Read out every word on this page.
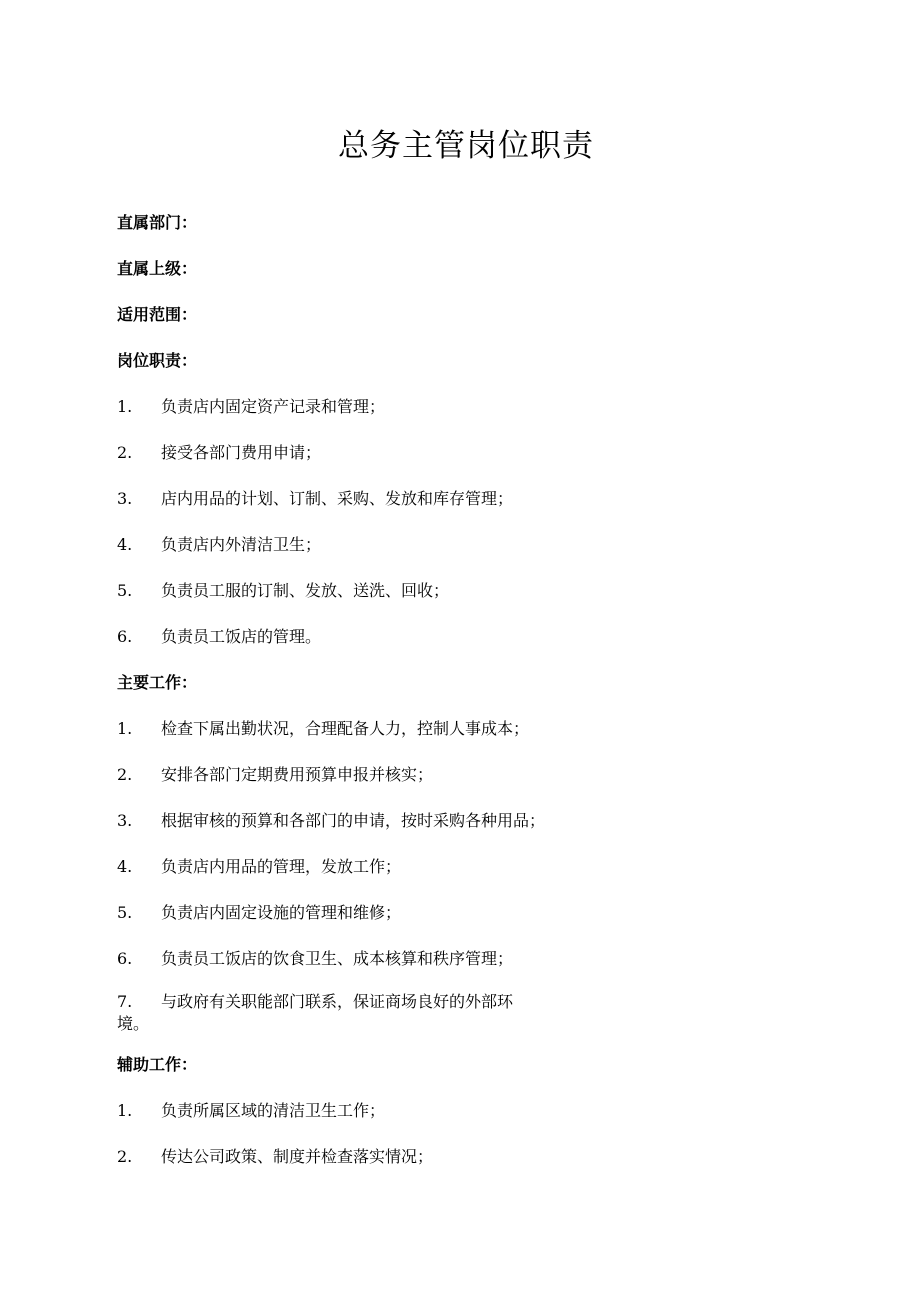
总务主管岗位职责

直属部门：

直属上级：

适用范围：

岗位职责：

1. 负责店内固定资产记录和管理；

2. 接受各部门费用申请；

3. 店内用品的计划、订制、采购、发放和库存管理；

4. 负责店内外清洁卫生；

5. 负责员工服的订制、发放、送洗、回收；

6. 负责员工饭店的管理。

主要工作：

1. 检查下属出勤状况，合理配备人力，控制人事成本；

2. 安排各部门定期费用预算申报并核实；

3. 根据审核的预算和各部门的申请，按时采购各种用品；

4. 负责店内用品的管理，发放工作；

5. 负责店内固定设施的管理和维修；

6. 负责员工饭店的饮食卫生、成本核算和秩序管理；

7. 与政府有关职能部门联系，保证商场良好的外部环
境。

辅助工作：

1. 负责所属区域的清洁卫生工作；

2. 传达公司政策、制度并检查落实情况；
